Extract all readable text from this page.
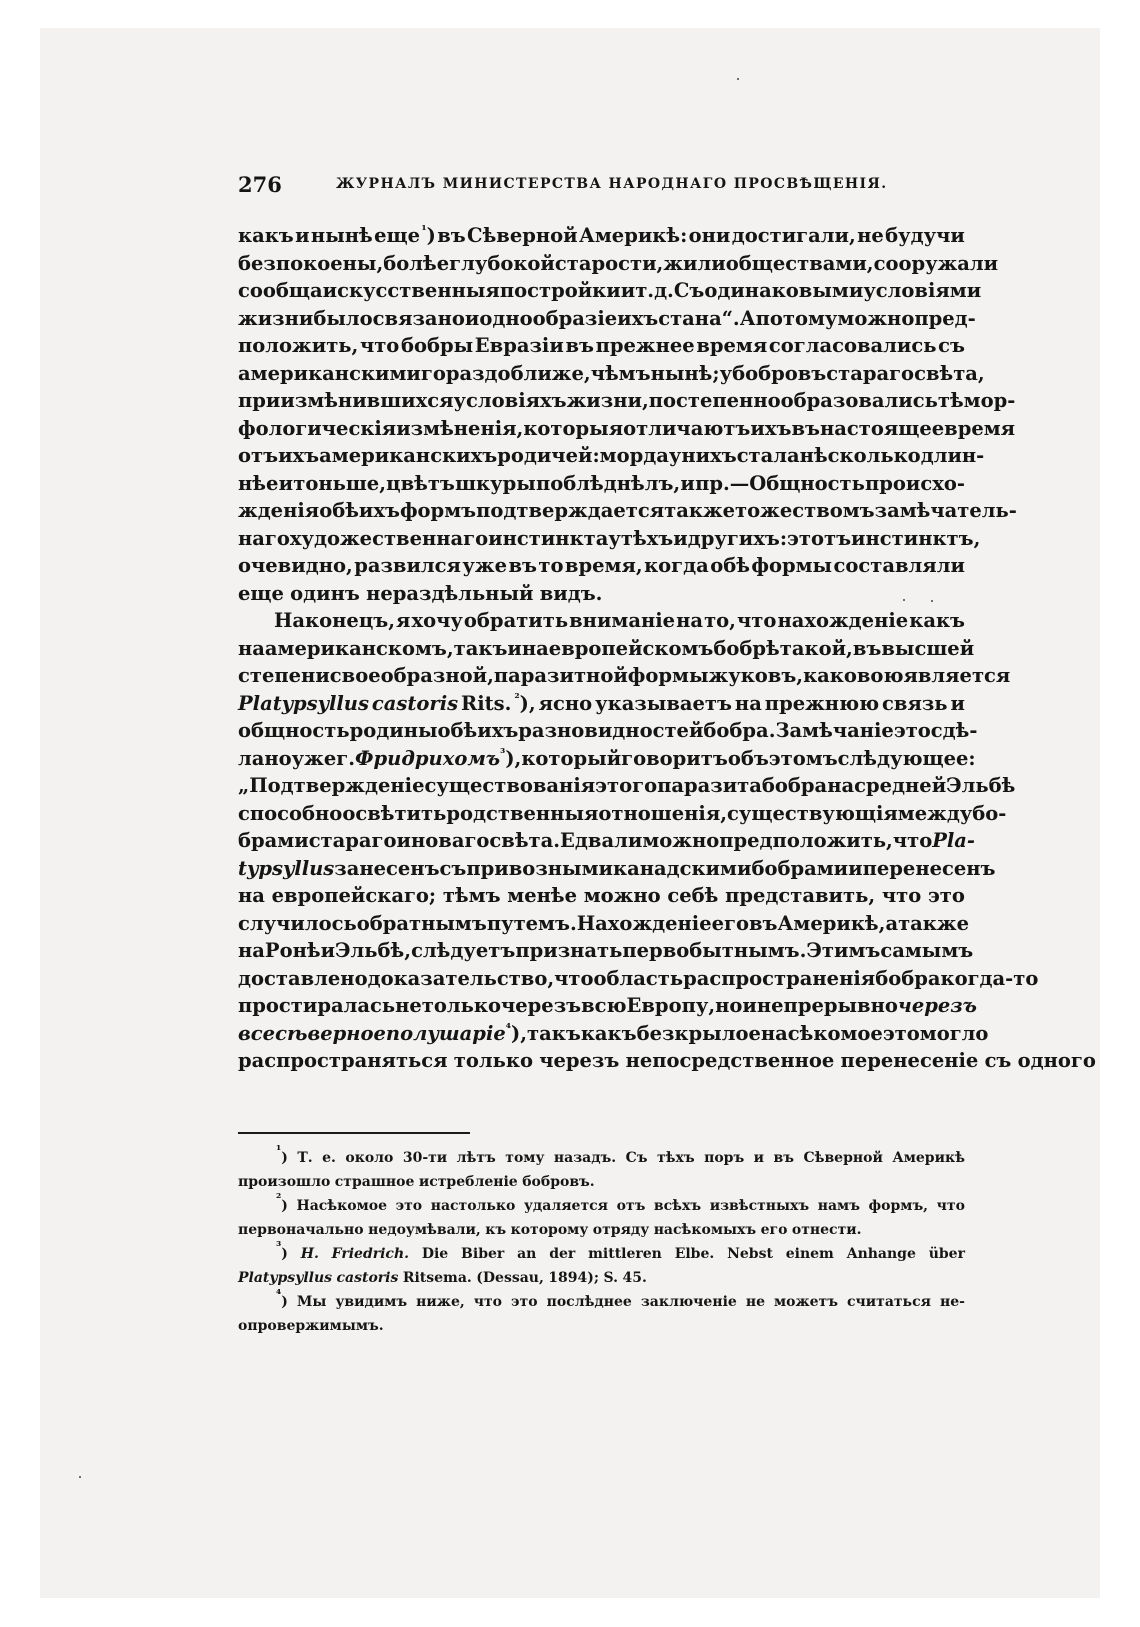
276	ЖУРНАЛЪ МИНИСТЕРСТВА НАРОДНАГО ПРОСВѢЩЕНІЯ.
какъ и нынѣ еще $^{^1}$) въ Сѣверной Америкѣ: они достигали, не будучи
безпокоены, болѣе глубокой старости, жили обществами, сооружали
сообща искусственныя постройки и т. д. Съ одинаковыми условіями
жизни было связано и однообразіе ихъ стана“. А потому можно пред-
положить, что бобры Евразіи въ прежнее время согласовались съ
американскими гораздо ближе, чѣмъ нынѣ; у бобровъ стараго свѣта,
при измѣнившихся условіяхъ жизни, постепенно образовались тѣ мор-
фологическія измѣненія, которыя отличаютъ ихъ въ настоящее время
отъ ихъ американскихъ родичей: морда у нихъ стала нѣсколько длин-
нѣе и тоньше, цвѣтъ шкуры поблѣднѣлъ, и пр.—Общность происхо-
жденія обѣихъ формъ подтверждается также тожествомъ замѣчатель-
наго художественнаго инстинкта у тѣхъ и другихъ: этотъ инстинктъ,
очевидно, развился уже въ то время, когда обѣ формы составляли
еще одинъ нераздѣльный видъ.
Наконецъ, я хочу обратить вниманіе на то, что нахожденіе какъ
на американскомъ, такъ и на европейскомъ бобрѣ такой, въ высшей
степени своеобразной, паразитной формы жуковъ, каковою является
Platypsyllus castoris Rits. $^{^2}$), ясно указываетъ на прежнюю связь и
общность родины обѣихъ разновидностей бобра. Замѣчаніе это сдѣ-
лано уже г. Фридрихомъ $^{^3}$), который говоритъ объ этомъ слѣдующее:
„Подтвержденіе существованія этого паразита бобра на средней Эльбѣ
способно освѣтить родственныя отношенія, существующія между бо-
брами стараго и новаго свѣта. Едва ли можно предположить, что Pla-
typsyllus занесенъ съ привозными канадскими бобрами и перенесенъ
на европейскаго; тѣмъ менѣе можно себѣ представить, что это
случилось обратнымъ путемъ. Нахожденіе его въ Америкѣ, а также
на Ронѣ и Эльбѣ, слѣдуетъ признать первобытнымъ. Этимъ самымъ
доставлено доказательство, что область распространенія бобра когда-то
простиралась не только черезъ всю Европу, но и непрерывно черезъ
все сѣверное полушаріе $^{^4}$), такъ какъ безкрылое насѣкомое это могло
распространяться только черезъ непосредственное перенесеніе съ одного
$^{^1}$) Т. е. около 30-ти лѣтъ тому назадъ. Съ тѣхъ поръ и въ Сѣверной Америкѣ
произошло страшное истребленіе бобровъ.
$^{^2}$) Насѣкомое это настолько удаляется отъ всѣхъ извѣстныхъ намъ формъ, что
первоначально недоумѣвали, къ которому отряду насѣкомыхъ его отнести.
$^{^3}$) H. Friedrich. Die Biber an der mittleren Elbe. Nebst einem Anhange über
Platypsyllus castoris Ritsema. (Dessau, 1894); S. 45.
$^{^4}$) Мы увидимъ ниже, что это послѣднее заключеніе не можетъ считаться не-
опровержимымъ.
